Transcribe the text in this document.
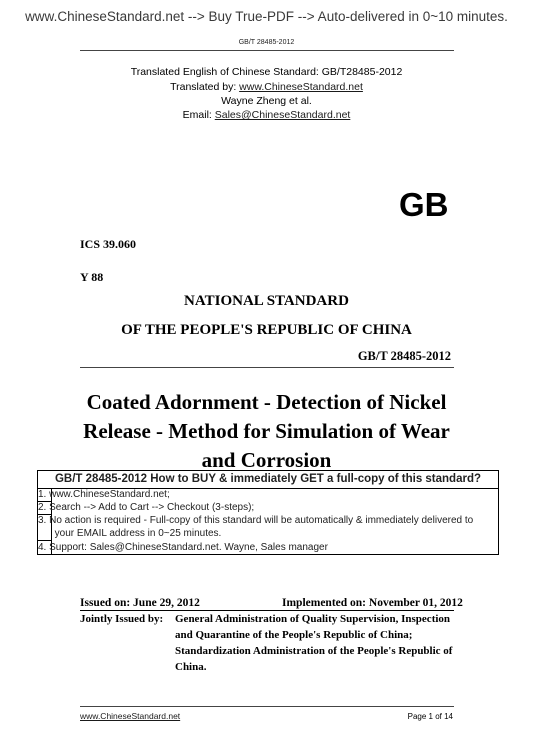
www.ChineseStandard.net --> Buy True-PDF --> Auto-delivered in 0~10 minutes.
GB/T 28485-2012
Translated English of Chinese Standard: GB/T28485-2012
Translated by: www.ChineseStandard.net
Wayne Zheng et al.
Email: Sales@ChineseStandard.net
GB
ICS 39.060
Y 88
NATIONAL STANDARD
OF THE PEOPLE'S REPUBLIC OF CHINA
GB/T 28485-2012
Coated Adornment - Detection of Nickel
Release - Method for Simulation of Wear
and Corrosion
GB/T 28485-2012 How to BUY & immediately GET a full-copy of this standard?
1. www.ChineseStandard.net;
2. Search --> Add to Cart --> Checkout (3-steps);
3. No action is required - Full-copy of this standard will be automatically & immediately delivered to
your EMAIL address in 0~25 minutes.
4. Support: Sales@ChineseStandard.net. Wayne, Sales manager
Issued on: June 29, 2012	Implemented on: November 01, 2012
Jointly Issued by: General Administration of Quality Supervision, Inspection
and Quarantine of the People's Republic of China;
Standardization Administration of the People's Republic of
China.
www.ChineseStandard.net	Page 1 of 14
